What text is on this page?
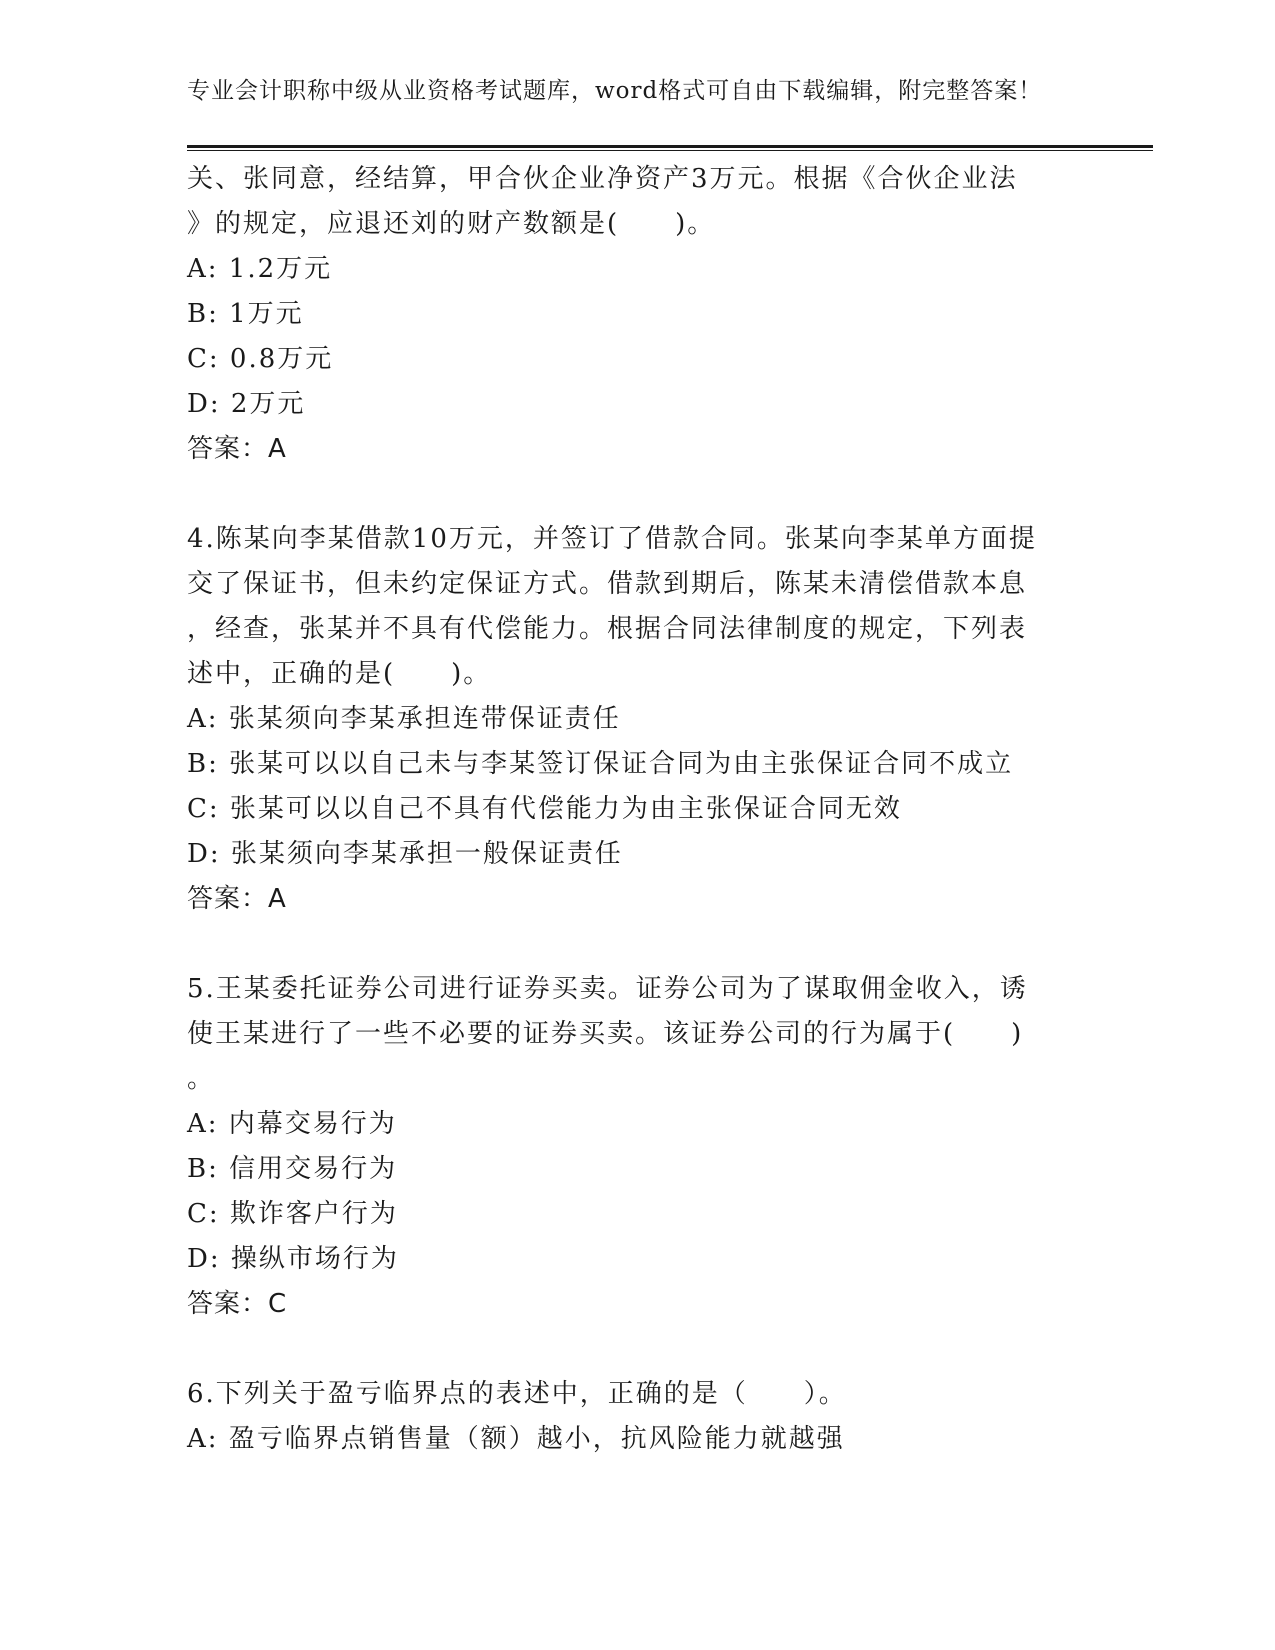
专业会计职称中级从业资格考试题库，word格式可自由下载编辑，附完整答案！
关、张同意，经结算，甲合伙企业净资产3万元。根据《合伙企业法
》的规定，应退还刘的财产数额是(　　)。
A: 1.2万元
B: 1万元
C: 0.8万元
D: 2万元
答案：A
4.陈某向李某借款10万元，并签订了借款合同。张某向李某单方面提
交了保证书，但未约定保证方式。借款到期后，陈某未清偿借款本息
，经查，张某并不具有代偿能力。根据合同法律制度的规定，下列表
述中，正确的是(　　)。
A: 张某须向李某承担连带保证责任
B: 张某可以以自己未与李某签订保证合同为由主张保证合同不成立
C: 张某可以以自己不具有代偿能力为由主张保证合同无效
D: 张某须向李某承担一般保证责任
答案：A
5.王某委托证券公司进行证券买卖。证券公司为了谋取佣金收入，诱
使王某进行了一些不必要的证券买卖。该证券公司的行为属于(　　)
。
A: 内幕交易行为
B: 信用交易行为
C: 欺诈客户行为
D: 操纵市场行为
答案：C
6.下列关于盈亏临界点的表述中，正确的是（　　）。
A: 盈亏临界点销售量（额）越小，抗风险能力就越强
